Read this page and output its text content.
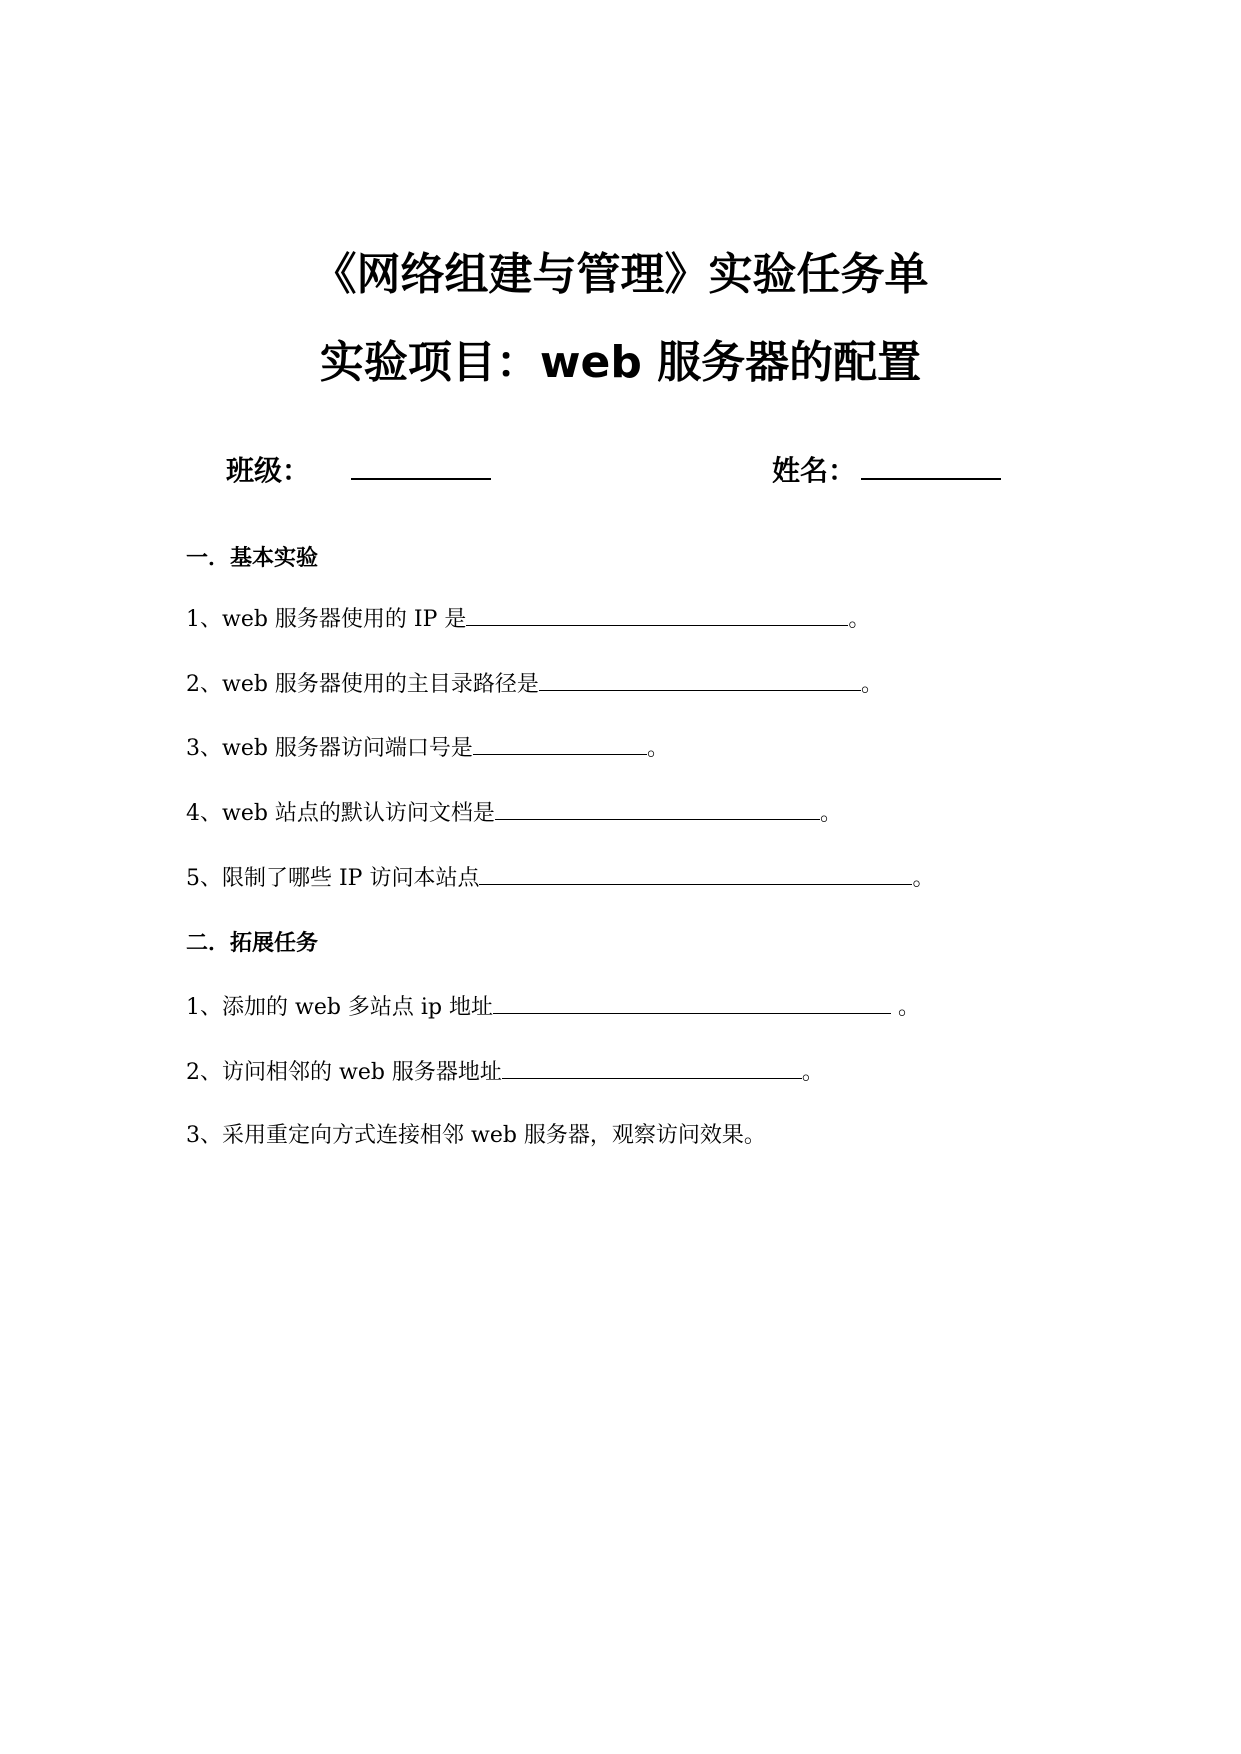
《网络组建与管理》实验任务单
实验项目：web 服务器的配置
班级：	姓名：
一．基本实验
1、web 服务器使用的 IP 是	。
2、web 服务器使用的主目录路径是	。
3、web 服务器访问端口号是	。
4、web 站点的默认访问文档是	。
5、限制了哪些 IP 访问本站点	。
二．拓展任务
1、添加的 web 多站点 ip 地址	。
2、访问相邻的 web 服务器地址	。
3、采用重定向方式连接相邻 web 服务器，观察访问效果。
